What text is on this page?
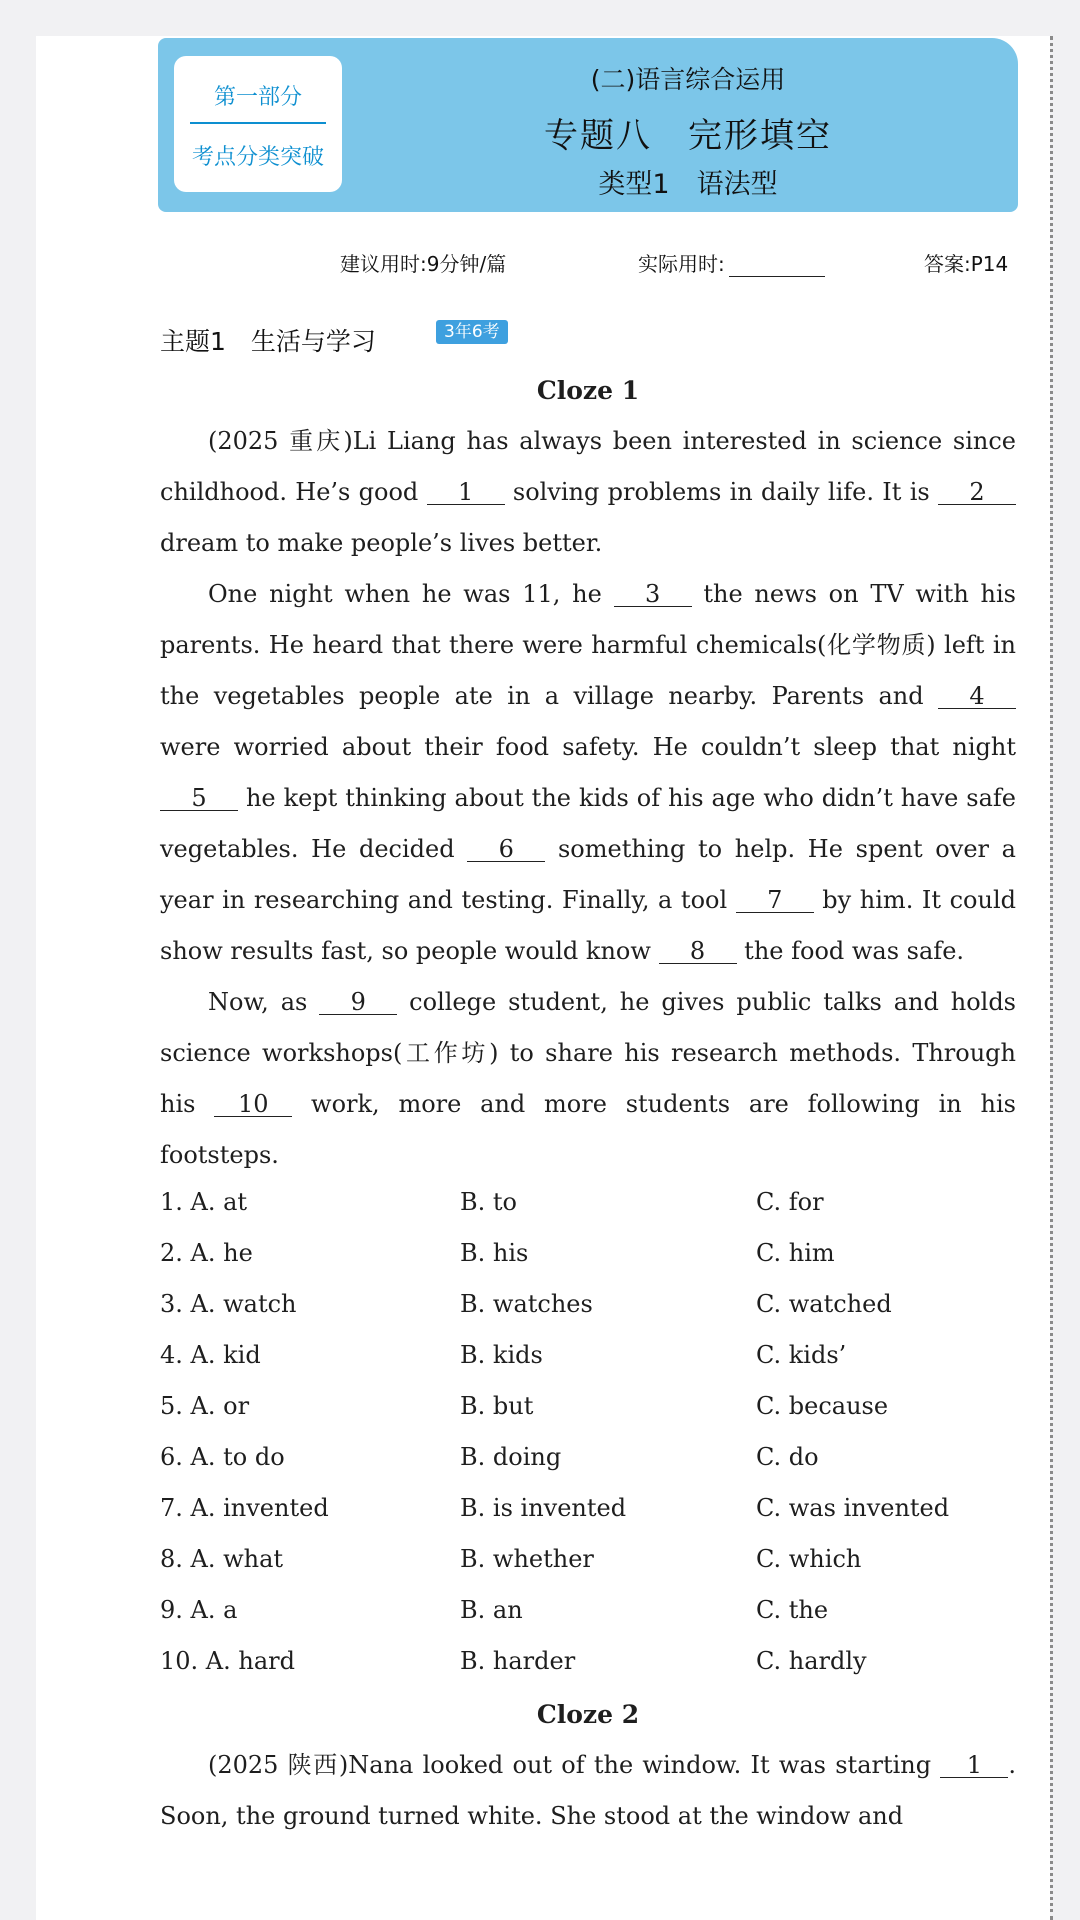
第一部分
考点分类突破
(二)语言综合运用
专题八　完形填空
类型1　语法型
建议用时:9分钟/篇	实际用时:	答案:P14
主题1　生活与学习	3年6考
Cloze 1

(2025 重庆)Li Liang has always been interested in science since childhood. He’s good 1 solving problems in daily life. It is 2 dream to make people’s lives better.

One night when he was 11, he 3 the news on TV with his parents. He heard that there were harmful chemicals(化学物质) left in the vegetables people ate in a village nearby. Parents and 4 were worried about their food safety. He couldn’t sleep that night 5 he kept thinking about the kids of his age who didn’t have safe vegetables. He decided 6 something to help. He spent over a year in researching and testing. Finally, a tool 7 by him. It could show results fast, so people would know 8 the food was safe.

Now, as 9 college student, he gives public talks and holds science workshops(工作坊) to share his research methods. Through his 10 work, more and more students are following in his footsteps.

1. A. at	B. to	C. for
2. A. he	B. his	C. him
3. A. watch	B. watches	C. watched
4. A. kid	B. kids	C. kids’
5. A. or	B. but	C. because
6. A. to do	B. doing	C. do
7. A. invented	B. is invented	C. was invented
8. A. what	B. whether	C. which
9. A. a	B. an	C. the
10. A. hard	B. harder	C. hardly
Cloze 2

(2025 陕西)Nana looked out of the window. It was starting 1 . Soon, the ground turned white. She stood at the window and
